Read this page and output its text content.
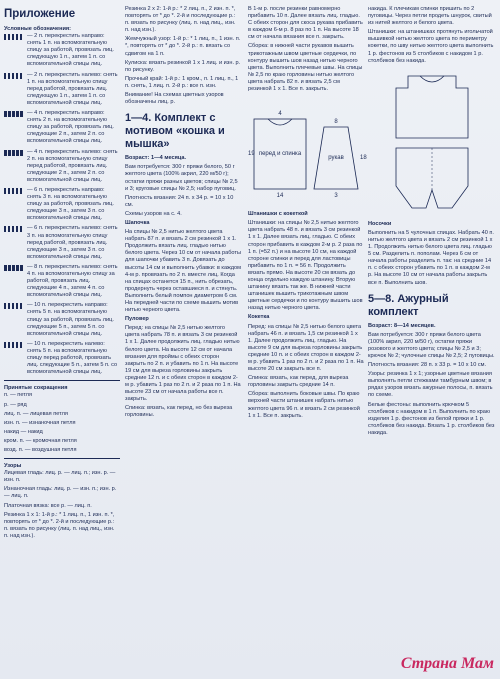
Приложение
Условные обозначения:
— 2 п. перекрестить направо: снять 1 п. на вспомогательную спицу за работой, провязать лиц. следующую 1 п., затем 1 п. со вспомогательной спицы лиц.
— 2 п. перекрестить налево: снять 1 п. на вспомогательную спицу перед работой, провязать лиц. следующую 1 п., затем 1 п. со вспомогательной спицы лиц.
— 4 п. перекрестить направо: снять 2 п. на вспомогательную спицу за работой, провязать лиц. следующие 2 п., затем 2 п. со вспомогательной спицы лиц.
— 4 п. перекрестить налево: снять 2 п. на вспомогательную спицу перед работой, провязать лиц. следующие 2 п., затем 2 п. со вспомогательной спицы лиц.
— 6 п. перекрестить направо: снять 3 п. на вспомогательную спицу за работой, провязать лиц. следующие 3 п., затем 3 п. со вспомогательной спицы лиц.
— 6 п. перекрестить налево: снять 3 п. на вспомогательную спицу перед работой, провязать лиц. следующие 3 п., затем 3 п. со вспомогательной спицы лиц.
— 8 п. перекрестить налево: снять 4 п. на вспомогательную спицу за работой, провязать лиц. следующие 4 п., затем 4 п. со вспомогательной спицы лиц.
— 10 п. перекрестить направо: снять 5 п. на вспомогательную спицу за работой, провязать лиц. следующие 5 п., затем 5 п. со вспомогательной спицы лиц.
— 10 п. перекрестить налево: снять 5 п. на вспомогательную спицу перед работой, провязать лиц. следующие 5 п., затем 5 п. со вспомогательной спицы лиц.
Принятые сокращения
п. — петля
р. — ряд
лиц. п. — лицевая петля
изн. п. — изнаночная петля
накид — накид
кром. п. — кромочная петля
возд. п. — воздушная петля
Узоры
Лицевая гладь: лиц. р. — лиц. п.; изн. р. — изн. п.
Изнаночная гладь: лиц. р. — изн. п.; изн. р. — лиц. п.
Платочная вязка: все р. — лиц. п.
Резинка 1 x 1: 1-й р.: * 1 лиц. п., 1 изн. п. *, повторять от * до *. 2-й и последующие р.: п. вязать по рисунку (лиц. п. над лиц., изн. п. над изн.).
Резинка 2 x 2: 1-й р.: * 2 лиц. п., 2 изн. п. *, повторять от * до *. 2-й и последующие р.: п. вязать по рисунку (лиц. п. над лиц., изн. п. над изн.).
Жемчужный узор: 1-й р.: * 1 лиц. п., 1 изн. п. *, повторять от * до *. 2-й р.: п. вязать со сдвигом на 1 п.
Кулиска: вязать резинкой 1 x 1 лиц. и изн. р. по рисунку.
Прочный край: 1-й р.: 1 кром., п. 1 лиц. п., 1 п. снять, 1 лиц. п. 2-й р.: все п. изн.
Внимание! На схемах цветных узоров обозначены лиц. р.
1—4. Комплект с мотивом «кошка и мышка»
Возраст: 1—4 месяца.
Вам потребуется: 300 г пряжи белого, 50 г желтого цвета (100% акрил, 220 м/50 г); остатки пряжи разных цветов; спицы № 2,5 и 3; круговые спицы № 2,5; набор пуговиц.
Плотность вязания: 24 п. x 34 р. = 10 x 10 см.
Схемы узоров на с. 4.
Шапочка
На спицы № 2,5 нитью желтого цвета набрать 87 п. и вязать 2 см резинкой 1 x 1. Продолжить вязать лиц. гладью нитью белого цвета. Через 10 см от начала работы для шапочки убавить 3 п. Довязать до высоты 14 см и выполнить убавки: в каждом 4-м р. провязать по 2 п. вместе лиц. Когда на спицах останется 15 п., нить обрезать, продернуть через оставшиеся п. и стянуть. Выполнить белый помпон диаметром 6 см. На передней части по схеме вышить мотив нитью черного цвета.
Пуловер
Перед: на спицы № 2,5 нитью желтого цвета набрать 78 п. и вязать 3 см резинкой 1 x 1. Далее продолжить лиц. гладью нитью белого цвета. На высоте 12 см от начала вязания для проймы с обеих сторон закрыть по 2 п. и убавить по 1 п. На высоте 19 см для выреза горловины закрыть средние 12 п. и с обеих сторон в каждом 2-м р. убавить 1 раз по 2 п. и 2 раза по 1 п. На высоте 23 см от начала работы все п. закрыть.
Спинка: вязать, как перед, но без выреза горловины.
В 1-м р. после резинки равномерно прибавить 10 п. Далее вязать лиц. гладью. С обеих сторон для скоса рукава прибавить в каждом 6-м р. 8 раз по 1 п. На высоте 18 см от начала вязания все п. закрыть.
Сборка: в нижней части рукавов вышить трикотажным швом цветные сердечки, по контуру вышить шов назад нитью черного цвета. Выполнить плечевые швы. На спицы № 2,5 по краю горловины нитью желтого цвета набрать 82 п. и вязать 2,5 см резинкой 1 x 1. Все п. закрыть.
перед и спинка
рукав
14
19
18
8
4
3
Штанишки с кокеткой
Штанишки: на спицы № 2,5 нитью желтого цвета набрать 48 п. и вязать 3 см резинкой 1 x 1. Далее вязать лиц. гладью. С обеих сторон прибавить в каждом 2-м р. 2 раза по 1 п. (=52 п.) и на высоте 10 см, на каждой стороне спинки и перед для ластовицы прибавить по 1 п. = 56 п. Продолжить вязать прямо. На высоте 20 см вязать до конца отдельно каждую штанину. Вторую штанину вязать так же. В нижней части штанишек вышить трикотажным швом цветные сердечки и по контуру вышить шов назад нитью черного цвета.
Кокетка
Перед: на спицы № 2,5 нитью белого цвета набрать 46 п. и вязать 1,5 см резинкой 1 x 1. Далее продолжить лиц. гладью. На высоте 9 см для выреза горловины закрыть средние 10 п. и с обеих сторон в каждом 2-м р. убавить 1 раз по 2 п. и 2 раза по 1 п. На высоте 20 см закрыть все п.
Спинка: вязать, как перед, для выреза горловины закрыть средние 14 п.
Сборка: выполнить боковые швы. По краю верхней части штанишек набрать нитью желтого цвета 96 п. и вязать 2 см резинкой 1 x 1. Все п. закрыть.
накида. К плечикам спинки пришить по 2 пуговицы. Через петли продеть шнурок, свитый из нитей желтого и белого цвета.
Штанишки: на штанишках протянуть игольчатой вышивкой нитью желтого цвета по периметру кокетки, по шву нитью желтого цвета выполнить 1 р. фестонов из 5 столбиков с накидом 1 р. столбиков без накида.
Носочки
Выполнить на 5 чулочных спицах. Набрать 40 п. нитью желтого цвета и вязать 2 см резинкой 1 x 1. Продолжить нитью белого цвета лиц. гладью 5 см. Разделить п. пополам. Через 6 см от начала работы разделить п. так: на средние 14 п. с обеих сторон убавить по 1 п. в каждом 2-м р. На высоте 10 см от начала работы закрыть все п. Выполнить шов.
5—8. Ажурный комплект
Возраст: 8—14 месяцев.
Вам потребуется: 300 г пряжи белого цвета (100% акрил, 220 м/50 г), остатки пряжи розового и желтого цвета; спицы № 2,5 и 3; крючок № 2; чулочные спицы № 2,5; 2 пуговицы.
Плотность вязания: 28 п. x 33 р. = 10 x 10 см.
Узоры: резинка 1 x 1; узорные цветные вязания выполнять петли стежками тамбурным швом; в рядах узоров вязать ажурные полосы, п. вязать по схеме.
Белые фестоны: выполнить крючком 5 столбиков с накидом в 1 п. Выполнить по краю изделия 1 р. фестонов из белой пряжи и 1 р. столбиков без накида. Вязать 1 р. столбиков без накида.
Страна Мам
